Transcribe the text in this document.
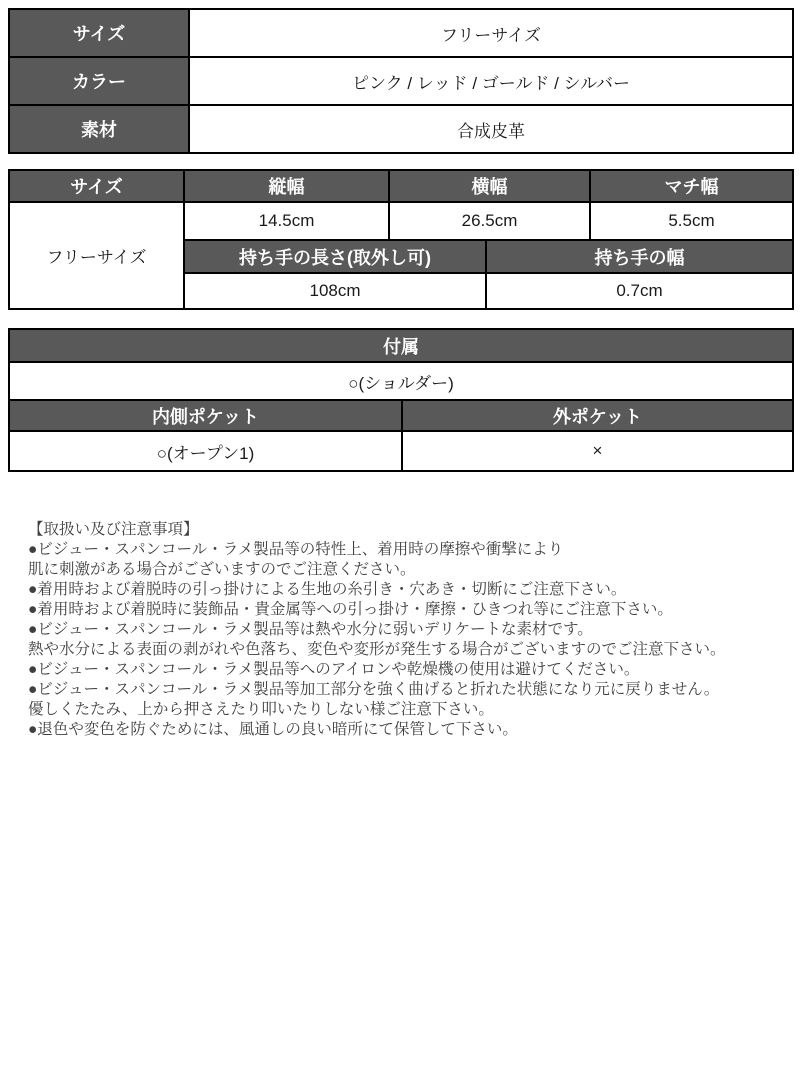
サイズ	フリーサイズ
カラー	ピンク / レッド / ゴールド / シルバー
素材	合成皮革
サイズ	縦幅	横幅		マチ幅
フリーサイズ	14.5cm	26.5cm		5.5cm
	持ち手の長さ(取外し可)		持ち手の幅	
	108cm		0.7cm	
付属	
○(ショルダー)	
内側ポケット	外ポケット
○(オープン1)	×
【取扱い及び注意事項】
●ビジュー・スパンコール・ラメ製品等の特性上、着用時の摩擦や衝撃により
肌に刺激がある場合がございますのでご注意ください。
●着用時および着脱時の引っ掛けによる生地の糸引き・穴あき・切断にご注意下さい。
●着用時および着脱時に装飾品・貴金属等への引っ掛け・摩擦・ひきつれ等にご注意下さい。
●ビジュー・スパンコール・ラメ製品等は熱や水分に弱いデリケートな素材です。
熱や水分による表面の剥がれや色落ち、変色や変形が発生する場合がございますのでご注意下さい。
●ビジュー・スパンコール・ラメ製品等へのアイロンや乾燥機の使用は避けてください。
●ビジュー・スパンコール・ラメ製品等加工部分を強く曲げると折れた状態になり元に戻りません。
優しくたたみ、上から押さえたり叩いたりしない様ご注意下さい。
●退色や変色を防ぐためには、風通しの良い暗所にて保管して下さい。
